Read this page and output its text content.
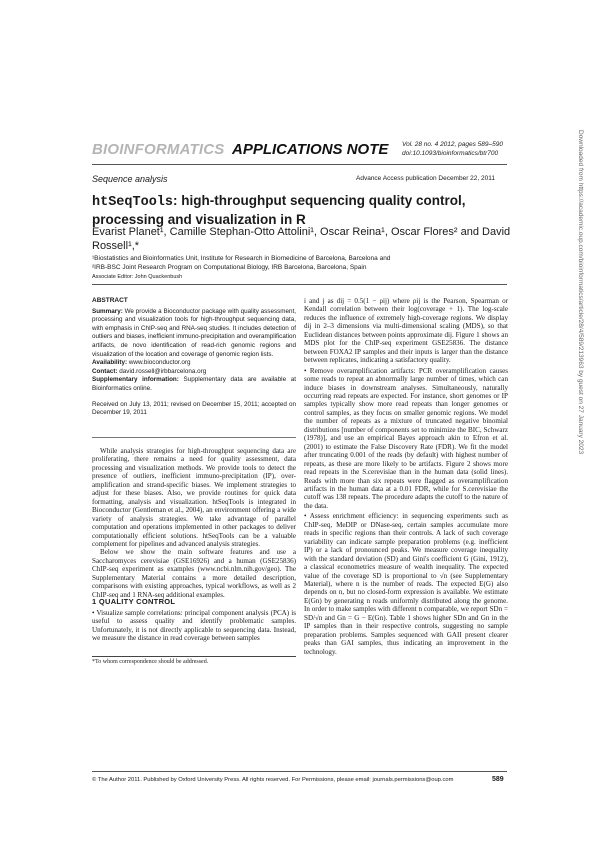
BIOINFORMATICS APPLICATIONS NOTE Vol. 28 no. 4 2012, pages 589–590
doi:10.1093/bioinformatics/btr700
Sequence analysis	Advance Access publication December 22, 2011
htSeqTools: high-throughput sequencing quality control, processing and visualization in R
Evarist Planet¹, Camille Stephan-Otto Attolini¹, Oscar Reina¹, Oscar Flores² and David Rossell¹,*
¹Biostatistics and Bioinformatics Unit, Institute for Research in Biomedicine of Barcelona, Barcelona and
²IRB-BSC Joint Research Program on Computational Biology, IRB Barcelona, Barcelona, Spain
Associate Editor: John Quackenbush
ABSTRACT
Summary: We provide a Bioconductor package with quality assessment, processing and visualization tools for high-throughput sequencing data, with emphasis in ChIP-seq and RNA-seq studies. It includes detection of outliers and biases, inefficient immuno-precipitation and overamplification artifacts, de novo identification of read-rich genomic regions and visualization of the location and coverage of genomic region lists.
Availability: www.bioconductor.org
Contact: david.rossell@irbbarcelona.org
Supplementary information: Supplementary data are available at Bioinformatics online.
Received on July 13, 2011; revised on December 15, 2011; accepted on December 19, 2011

While analysis strategies for high-throughput sequencing data are proliferating, there remains a need for quality assessment, data processing and visualization methods. We provide tools to detect the presence of outliers, inefficient immuno-precipitation (IP), over-amplification and strand-specific biases. We implement strategies to adjust for these biases. Also, we provide routines for quick data formatting, analysis and visualization. htSeqTools is integrated in Bioconductor (Gentleman et al., 2004), an environment offering a wide variety of analysis strategies. We take advantage of parallel computation and operations implemented in other packages to deliver computationally efficient solutions. htSeqTools can be a valuable complement for pipelines and advanced analysis strategies.

Below we show the main software features and use a Saccharomyces cerevisiae (GSE16926) and a human (GSE25836) ChIP-seq experiment as examples (www.ncbi.nlm.nih.gov/geo). The Supplementary Material contains a more detailed description, comparisons with existing approaches, typical workflows, as well as 2 ChIP-seq and 1 RNA-seq additional examples.

1 QUALITY CONTROL

• Visualize sample correlations: principal component analysis (PCA) is useful to assess quality and identify problematic samples. Unfortunately, it is not directly applicable to sequencing data. Instead, we measure the distance in read coverage between samples

*To whom correspondence should be addressed.

i and j as dij = 0.5(1 − ρij) where ρij is the Pearson, Spearman or Kendall correlation between their log(coverage + 1). The log-scale reduces the influence of extremely high-coverage regions. We display dij in 2–3 dimensions via multi-dimensional scaling (MDS), so that Euclidean distances between points approximate dij. Figure 1 shows an MDS plot for the ChIP-seq experiment GSE25836. The distance between FOXA2 IP samples and their inputs is larger than the distance between replicates, indicating a satisfactory quality.

• Remove overamplification artifacts: PCR overamplification causes some reads to repeat an abnormally large number of times, which can induce biases in downstream analyses. Simultaneously, naturally occurring read repeats are expected. For instance, short genomes or IP samples typically show more read repeats than longer genomes or control samples, as they focus on smaller genomic regions. We model the number of repeats as a mixture of truncated negative binomial distributions [number of components set to minimize the BIC, Schwarz (1978)], and use an empirical Bayes approach akin to Efron et al. (2001) to estimate the False Discovery Rate (FDR). We fit the model after truncating 0.001 of the reads (by default) with highest number of repeats, as these are more likely to be artifacts. Figure 2 shows more read repeats in the S.cerevisiae than in the human data (solid lines). Reads with more than six repeats were flagged as overamplification artifacts in the human data at a 0.01 FDR, while for S.cerevisiae the cutoff was 138 repeats. The procedure adapts the cutoff to the nature of the data.

• Assess enrichment efficiency: in sequencing experiments such as ChIP-seq, MeDIP or DNase-seq, certain samples accumulate more reads in specific regions than their controls. A lack of such coverage variability can indicate sample preparation problems (e.g. inefficient IP) or a lack of pronounced peaks. We measure coverage inequality with the standard deviation (SD) and Gini's coefficient G (Gini, 1912), a classical econometrics measure of wealth inequality. The expected value of the coverage SD is proportional to √n (see Supplementary Material), where n is the number of reads. The expected E(G) also depends on n, but no closed-form expression is available. We estimate E(Gn) by generating n reads uniformly distributed along the genome. In order to make samples with different n comparable, we report SDn = SD/√n and Gn = G − E(Gn). Table 1 shows higher SDn and Gn in the IP samples than in their respective controls, suggesting no sample preparation problems. Samples sequenced with GAII present clearer peaks than GAI samples, thus indicating an improvement in the technology.

© The Author 2011. Published by Oxford University Press. All rights reserved. For Permissions, please email: journals.permissions@oup.com	589
Downloaded from https://academic.oup.com/bioinformatics/article/28/4/589/213963 by guest on 27 January 2023
